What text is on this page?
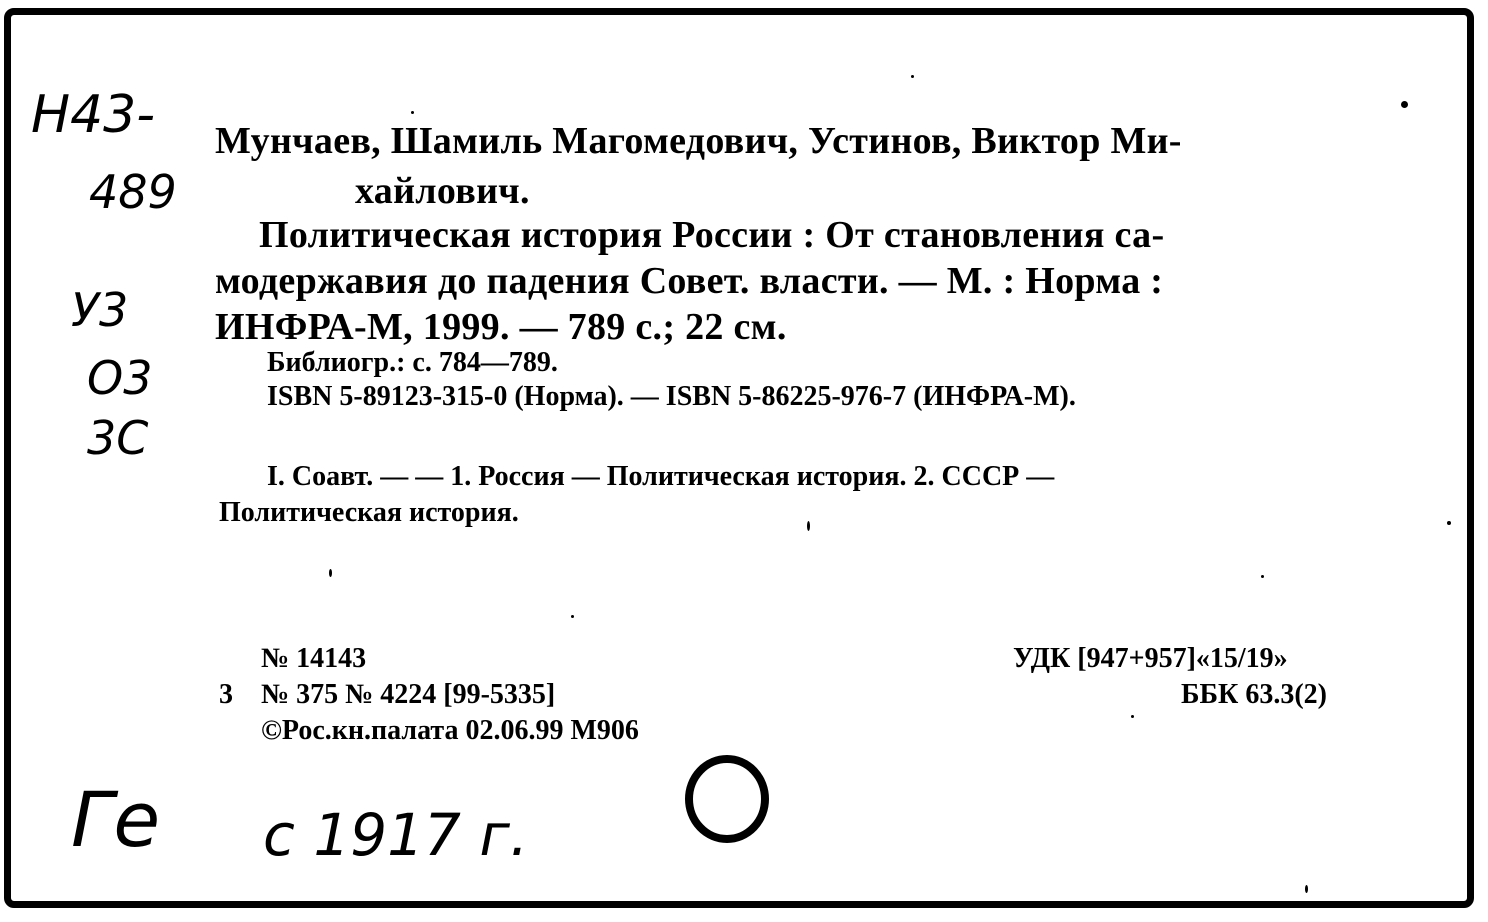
Н43-
489
У3
О3
3С
Ге с 1917 г.
Мунчаев, Шамиль Магомедович, Устинов, Виктор Ми-
хайлович.
Политическая история России : От становления са-
модержавия до падения Совет. власти. — М. : Норма :
ИНФРА-М, 1999. — 789 с.; 22 см.
Библиогр.: с. 784—789.
ISBN 5-89123-315-0 (Норма). — ISBN 5-86225-976-7 (ИНФРА-М).
I. Соавт. — — 1. Россия — Политическая история. 2. СССР —
Политическая история.
№ 14143
3 № 375 № 4224 [99-5335]
©Рос.кн.палата 02.06.99 М906
УДК [947+957]«15/19»
ББК 63.3(2)
